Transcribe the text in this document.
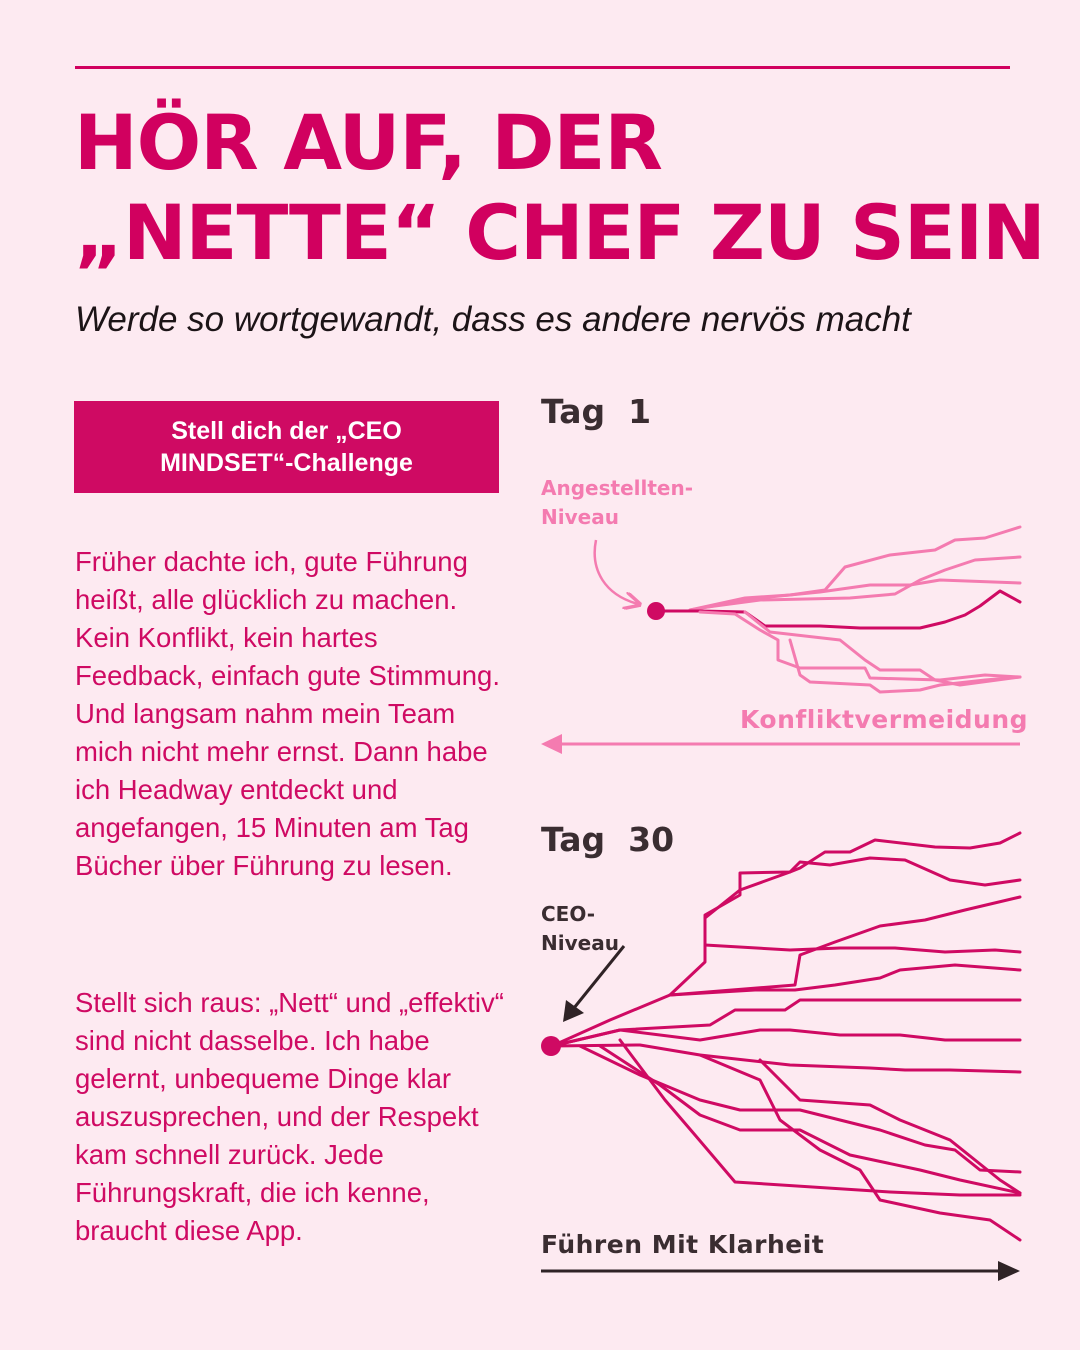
HÖR AUF, DER
„NETTE“ CHEF ZU SEIN

Werde so wortgewandt, dass es andere nervös macht

Stell dich der „CEO MINDSET“-Challenge

Früher dachte ich, gute Führung heißt, alle glücklich zu machen. Kein Konflikt, kein hartes Feedback, einfach gute Stimmung. Und langsam nahm mein Team mich nicht mehr ernst. Dann habe ich Headway entdeckt und angefangen, 15 Minuten am Tag Bücher über Führung zu lesen.

Stellt sich raus: „Nett“ und „effektiv“ sind nicht dasselbe. Ich habe gelernt, unbequeme Dinge klar auszusprechen, und der Respekt kam schnell zurück. Jede Führungskraft, die ich kenne, braucht diese App.

Tag  1

Angestellten-
Niveau

Konfliktvermeidung

Tag  30

CEO-
Niveau

Führen Mit Klarheit
